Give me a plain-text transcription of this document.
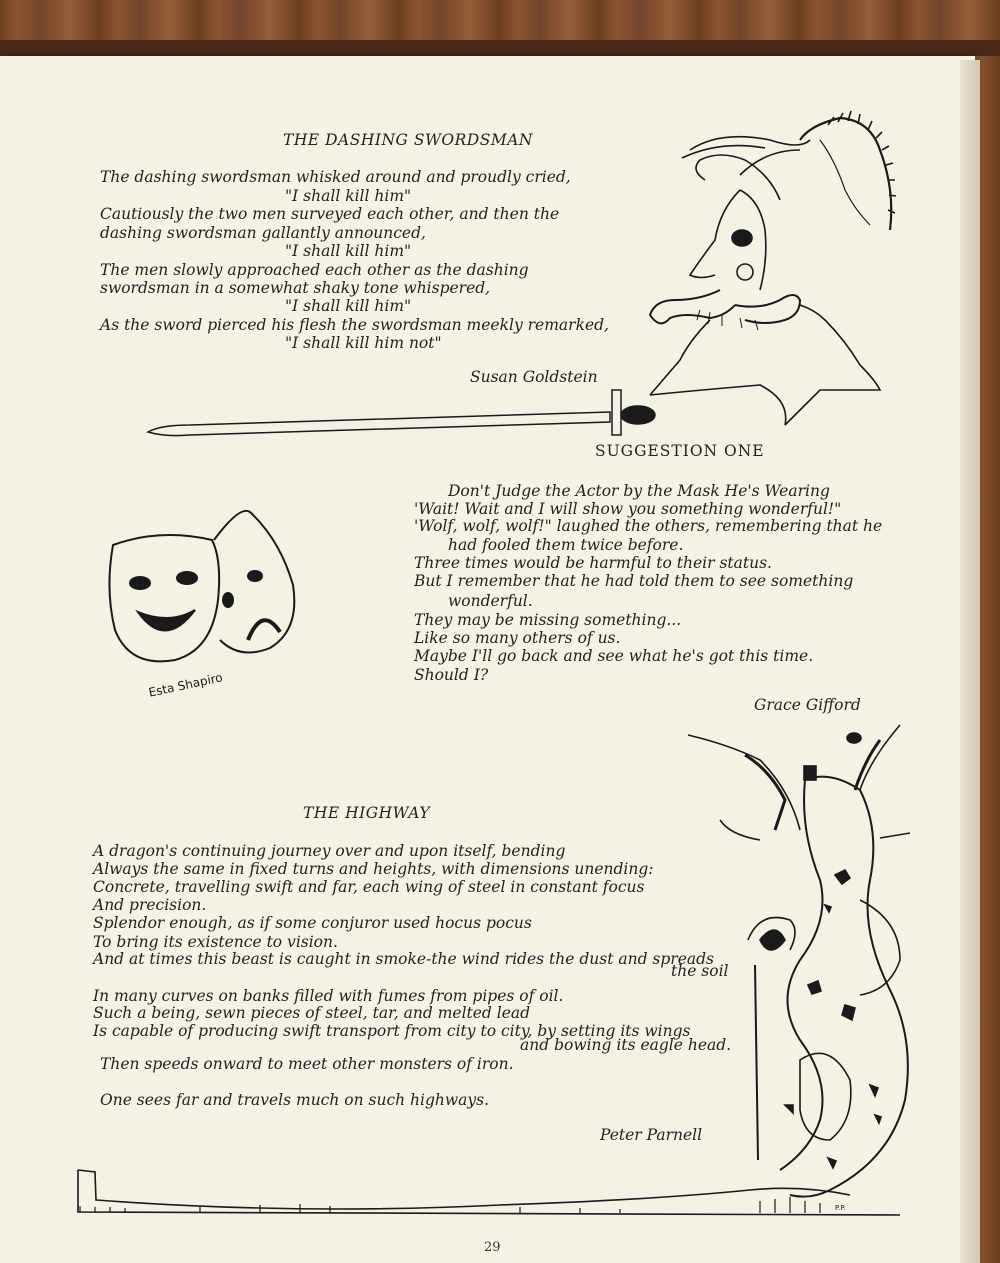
Esta Shapiro
P.P.
THE DASHING SWORDSMAN
The dashing swordsman whisked around and proudly cried,
"I shall kill him"
Cautiously the two men surveyed each other, and then the
dashing swordsman gallantly announced,
"I shall kill him"
The men slowly approached each other as the dashing
swordsman in a somewhat shaky tone whispered,
"I shall kill him"
As the sword pierced his flesh the swordsman meekly remarked,
"I shall kill him not"
Susan Goldstein
SUGGESTION ONE
Don't Judge the Actor by the Mask He's Wearing
'Wait! Wait and I will show you something wonderful!"
'Wolf, wolf, wolf!" laughed the others, remembering that he
had fooled them twice before.
Three times would be harmful to their status.
But I remember that he had told them to see something
wonderful.
They may be missing something...
Like so many others of us.
Maybe I'll go back and see what he's got this time.
Should I?
Grace Gifford
THE HIGHWAY
A dragon's continuing journey over and upon itself, bending
Always the same in fixed turns and heights, with dimensions unending:
Concrete, travelling swift and far, each wing of steel in constant focus
And precision.
Splendor enough, as if some conjuror used hocus pocus
To bring its existence to vision.
And at times this beast is caught in smoke-the wind rides the dust and spreads
the soil
In many curves on banks filled with fumes from pipes of oil.
Such a being, sewn pieces of steel, tar, and melted lead
Is capable of producing swift transport from city to city, by setting its wings
and bowing its eagle head.
Then speeds onward to meet other monsters of iron.
One sees far and travels much on such highways.
Peter Parnell
29
